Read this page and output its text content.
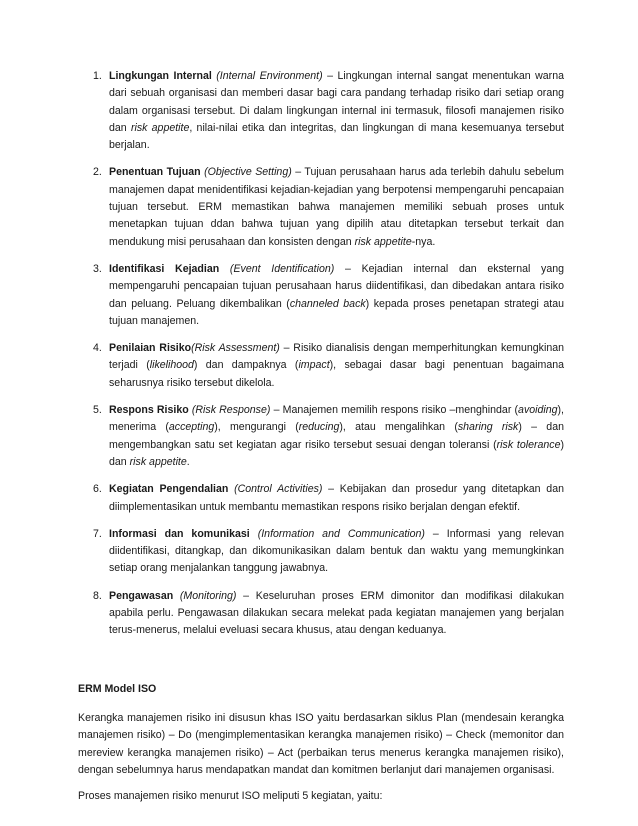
1. Lingkungan Internal (Internal Environment) – Lingkungan internal sangat menentukan warna dari sebuah organisasi dan memberi dasar bagi cara pandang terhadap risiko dari setiap orang dalam organisasi tersebut. Di dalam lingkungan internal ini termasuk, filosofi manajemen risiko dan risk appetite, nilai-nilai etika dan integritas, dan lingkungan di mana kesemuanya tersebut berjalan.
2. Penentuan Tujuan (Objective Setting) – Tujuan perusahaan harus ada terlebih dahulu sebelum manajemen dapat menidentifikasi kejadian-kejadian yang berpotensi mempengaruhi pencapaian tujuan tersebut. ERM memastikan bahwa manajemen memiliki sebuah proses untuk menetapkan tujuan ddan bahwa tujuan yang dipilih atau ditetapkan tersebut terkait dan mendukung misi perusahaan dan konsisten dengan risk appetite-nya.
3. Identifikasi Kejadian (Event Identification) – Kejadian internal dan eksternal yang mempengaruhi pencapaian tujuan perusahaan harus diidentifikasi, dan dibedakan antara risiko dan peluang. Peluang dikembalikan (channeled back) kepada proses penetapan strategi atau tujuan manajemen.
4. Penilaian Risiko(Risk Assessment) – Risiko dianalisis dengan memperhitungkan kemungkinan terjadi (likelihood) dan dampaknya (impact), sebagai dasar bagi penentuan bagaimana seharusnya risiko tersebut dikelola.
5. Respons Risiko (Risk Response) – Manajemen memilih respons risiko –menghindar (avoiding), menerima (accepting), mengurangi (reducing), atau mengalihkan (sharing risk) – dan mengembangkan satu set kegiatan agar risiko tersebut sesuai dengan toleransi (risk tolerance) dan risk appetite.
6. Kegiatan Pengendalian (Control Activities) – Kebijakan dan prosedur yang ditetapkan dan diimplementasikan untuk membantu memastikan respons risiko berjalan dengan efektif.
7. Informasi dan komunikasi (Information and Communication) – Informasi yang relevan diidentifikasi, ditangkap, dan dikomunikasikan dalam bentuk dan waktu yang memungkinkan setiap orang menjalankan tanggung jawabnya.
8. Pengawasan (Monitoring) – Keseluruhan proses ERM dimonitor dan modifikasi dilakukan apabila perlu. Pengawasan dilakukan secara melekat pada kegiatan manajemen yang berjalan terus-menerus, melalui eveluasi secara khusus, atau dengan keduanya.
ERM Model ISO
Kerangka manajemen risiko ini disusun khas ISO yaitu berdasarkan siklus Plan (mendesain kerangka manajemen risiko) – Do (mengimplementasikan kerangka manajemen risiko) – Check (memonitor dan mereview kerangka manajemen risiko) – Act (perbaikan terus menerus kerangka manajemen risiko), dengan sebelumnya harus mendapatkan mandat dan komitmen berlanjut dari manajemen organisasi.
Proses manajemen risiko menurut ISO meliputi 5 kegiatan, yaitu:
